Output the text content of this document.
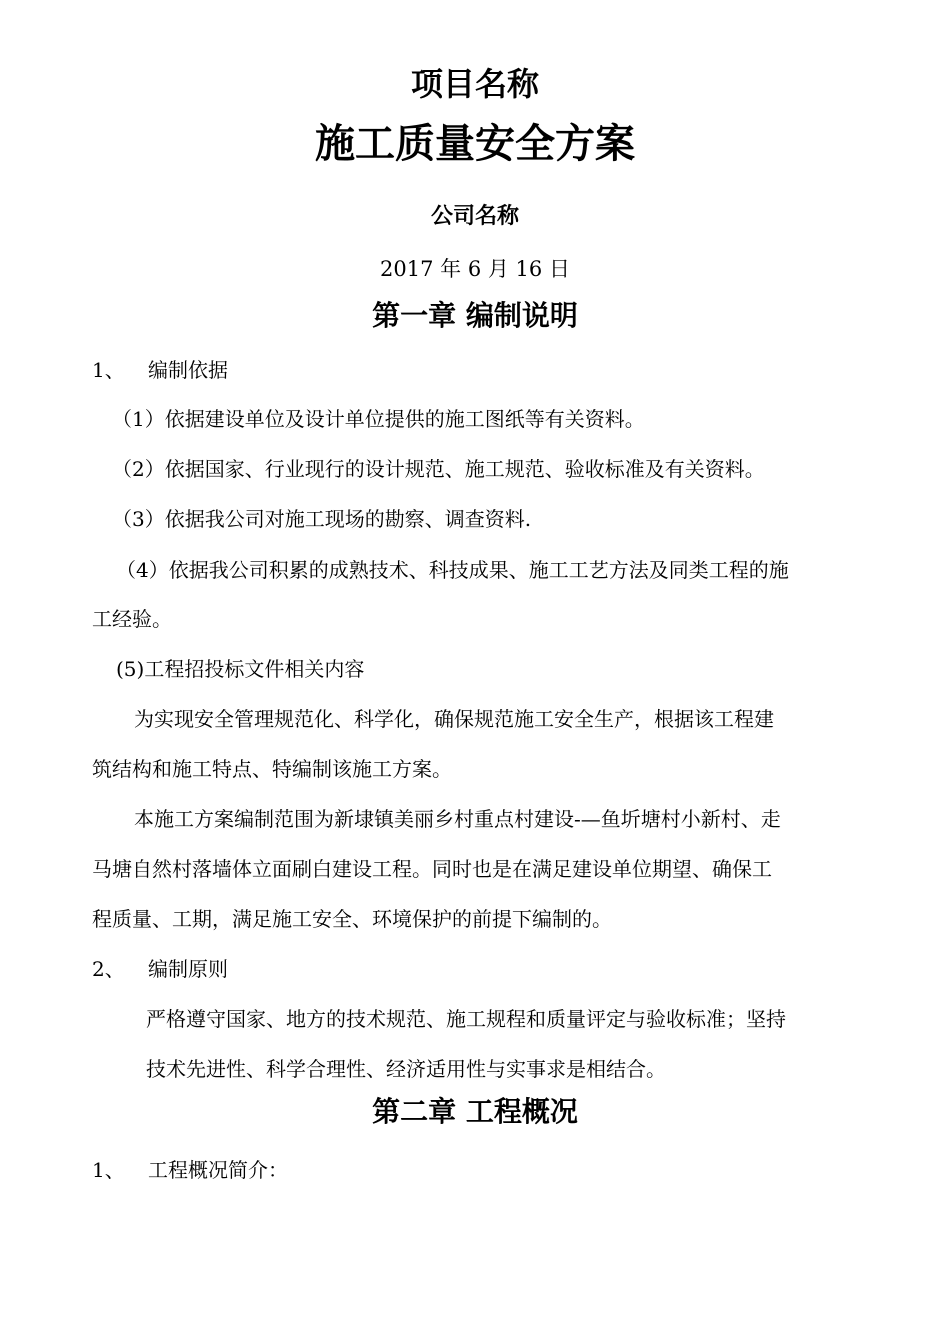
项目名称
施工质量安全方案
公司名称
2017 年 6 月 16 日
第一章 编制说明
1、 编制依据
（1）依据建设单位及设计单位提供的施工图纸等有关资料。
（2）依据国家、行业现行的设计规范、施工规范、验收标准及有关资料。
（3）依据我公司对施工现场的勘察、调查资料.
（4）依据我公司积累的成熟技术、科技成果、施工工艺方法及同类工程的施
工经验。
(5)工程招投标文件相关内容
为实现安全管理规范化、科学化，确保规范施工安全生产，根据该工程建
筑结构和施工特点、特编制该施工方案。
本施工方案编制范围为新埭镇美丽乡村重点村建设-—鱼圻塘村小新村、走
马塘自然村落墙体立面刷白建设工程。同时也是在满足建设单位期望、确保工
程质量、工期，满足施工安全、环境保护的前提下编制的。
2、 编制原则
严格遵守国家、地方的技术规范、施工规程和质量评定与验收标准；坚持
技术先进性、科学合理性、经济适用性与实事求是相结合。
第二章 工程概况
1、 工程概况简介：
